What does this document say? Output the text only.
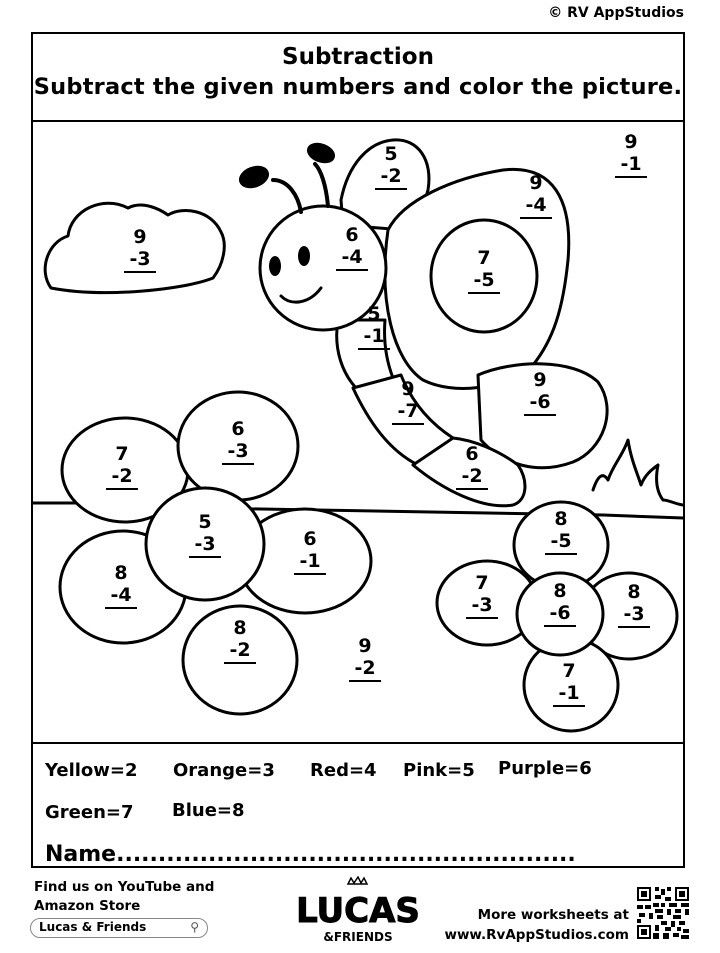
© RV AppStudios
Subtraction
Subtract the given numbers and color the picture.
5
-2
9
-1
9
-4
9
-3
6
-4	7
-5
5
-1
9
-7
9
-6
6
-3
7
-2
6
-2
5
-3	6
-1
8
-5
8
-4
7
-3
8
-6
8
-3
8
-2	9
-2	7
-1
Yellow=2 Orange=3 Red=4 Pink=5 Purple=6
Green=7 Blue=8
Name.......................................................
Find us on YouTube and
Amazon Store
Lucas & Friends	⚲	LUCAS
&FRIENDS
More worksheets at
www.RvAppStudios.com
